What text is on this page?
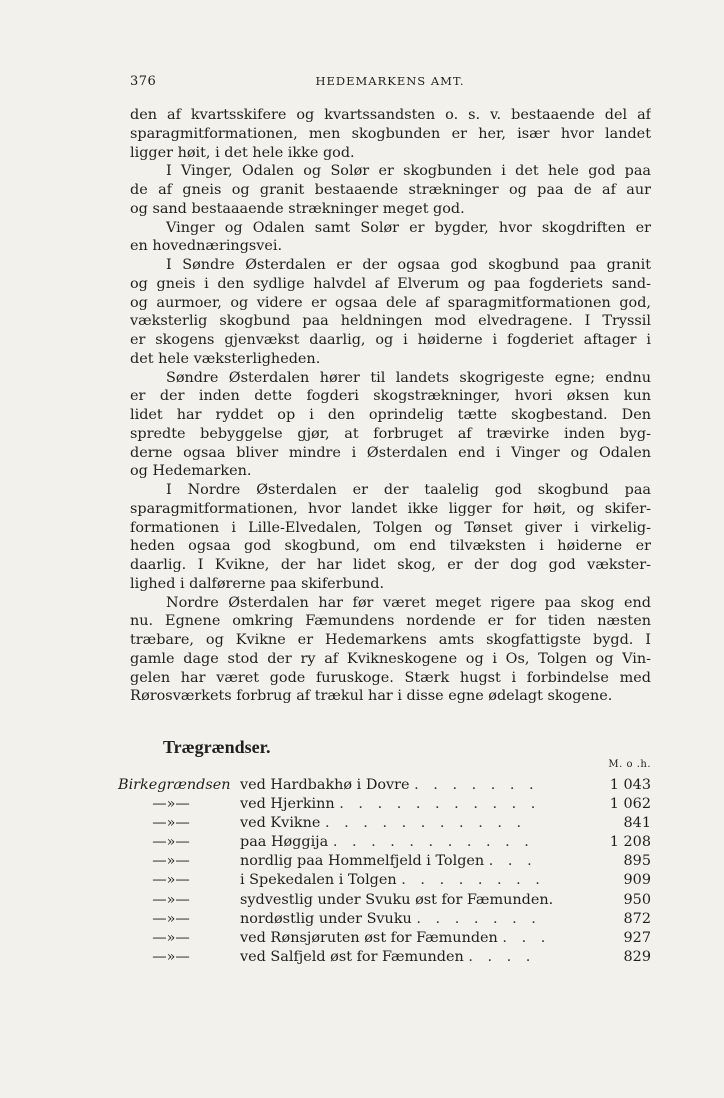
376	HEDEMARKENS AMT.
den af kvartsskifere og kvartssandsten o. s. v. bestaaende del af
sparagmitformationen, men skogbunden er her, især hvor landet
ligger høit, i det hele ikke god.
I Vinger, Odalen og Solør er skogbunden i det hele god paa
de af gneis og granit bestaaende strækninger og paa de af aur
og sand bestaaaende strækninger meget god.
Vinger og Odalen samt Solør er bygder, hvor skogdriften er
en hovednæringsvei.
I Søndre Østerdalen er der ogsaa god skogbund paa granit
og gneis i den sydlige halvdel af Elverum og paa fogderiets sand-
og aurmoer, og videre er ogsaa dele af sparagmitformationen god,
væksterlig skogbund paa heldningen mod elvedragene. I Tryssil
er skogens gjenvækst daarlig, og i høiderne i fogderiet aftager i
det hele væksterligheden.
Søndre Østerdalen hører til landets skogrigeste egne; endnu
er der inden dette fogderi skogstrækninger, hvori øksen kun
lidet har ryddet op i den oprindelig tætte skogbestand. Den
spredte bebyggelse gjør, at forbruget af trævirke inden byg-
derne ogsaa bliver mindre i Østerdalen end i Vinger og Odalen
og Hedemarken.
I Nordre Østerdalen er der taalelig god skogbund paa
sparagmitformationen, hvor landet ikke ligger for høit, og skifer-
formationen i Lille-Elvedalen, Tolgen og Tønset giver i virkelig-
heden ogsaa god skogbund, om end tilvæksten i høiderne er
daarlig. I Kvikne, der har lidet skog, er der dog god vækster-
lighed i dalførerne paa skiferbund.
Nordre Østerdalen har før været meget rigere paa skog end
nu. Egnene omkring Fæmundens nordende er for tiden næsten
træbare, og Kvikne er Hedemarkens amts skogfattigste bygd. I
gamle dage stod der ry af Kvikneskogene og i Os, Tolgen og Vin-
gelen har været gode furuskoge. Stærk hugst i forbindelse med
Rørosværkets forbrug af trækul har i disse egne ødelagt skogene.
Trægrændser.
M. o .h.
Birkegrændsen ved Hardbakhø i Dovre . . . . . . .	1 043
—»—	ved Hjerkinn . . . . . . . . . . .	1 062
—»—	ved Kvikne . . . . . . . . . . .	841
—»—	paa Høggija . . . . . . . . . . .	1 208
—»—	nordlig paa Hommelfjeld i Tolgen . . .	895
—»—	i Spekedalen i Tolgen . . . . . . . .	909
—»—	sydvestlig under Svuku øst for Fæmunden.	950
—»—	nordøstlig under Svuku . . . . . . .	872
—»—	ved Rønsjøruten øst for Fæmunden . . .	927
—»—	ved Salfjeld øst for Fæmunden . . . .	829
